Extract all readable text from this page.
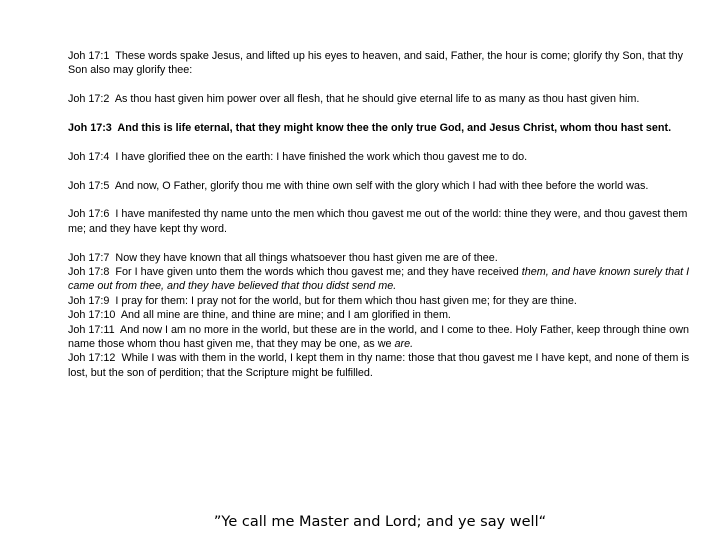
Joh 17:1 These words spake Jesus, and lifted up his eyes to heaven, and said, Father, the hour is come; glorify thy Son, that thy Son also may glorify thee:

Joh 17:2 As thou hast given him power over all flesh, that he should give eternal life to as many as thou hast given him.

Joh 17:3 And this is life eternal, that they might know thee the only true God, and Jesus Christ, whom thou hast sent.

Joh 17:4 I have glorified thee on the earth: I have finished the work which thou gavest me to do.

Joh 17:5 And now, O Father, glorify thou me with thine own self with the glory which I had with thee before the world was.

Joh 17:6 I have manifested thy name unto the men which thou gavest me out of the world: thine they were, and thou gavest them me; and they have kept thy word.

Joh 17:7 Now they have known that all things whatsoever thou hast given me are of thee.

Joh 17:8 For I have given unto them the words which thou gavest me; and they have received them, and have known surely that I came out from thee, and they have believed that thou didst send me.

Joh 17:9 I pray for them: I pray not for the world, but for them which thou hast given me; for they are thine.

Joh 17:10 And all mine are thine, and thine are mine; and I am glorified in them.

Joh 17:11 And now I am no more in the world, but these are in the world, and I come to thee. Holy Father, keep through thine own name those whom thou hast given me, that they may be one, as we are.

Joh 17:12 While I was with them in the world, I kept them in thy name: those that thou gavest me I have kept, and none of them is lost, but the son of perdition; that the Scripture might be fulfilled.

”Ye call me Master and Lord; and ye say well“
